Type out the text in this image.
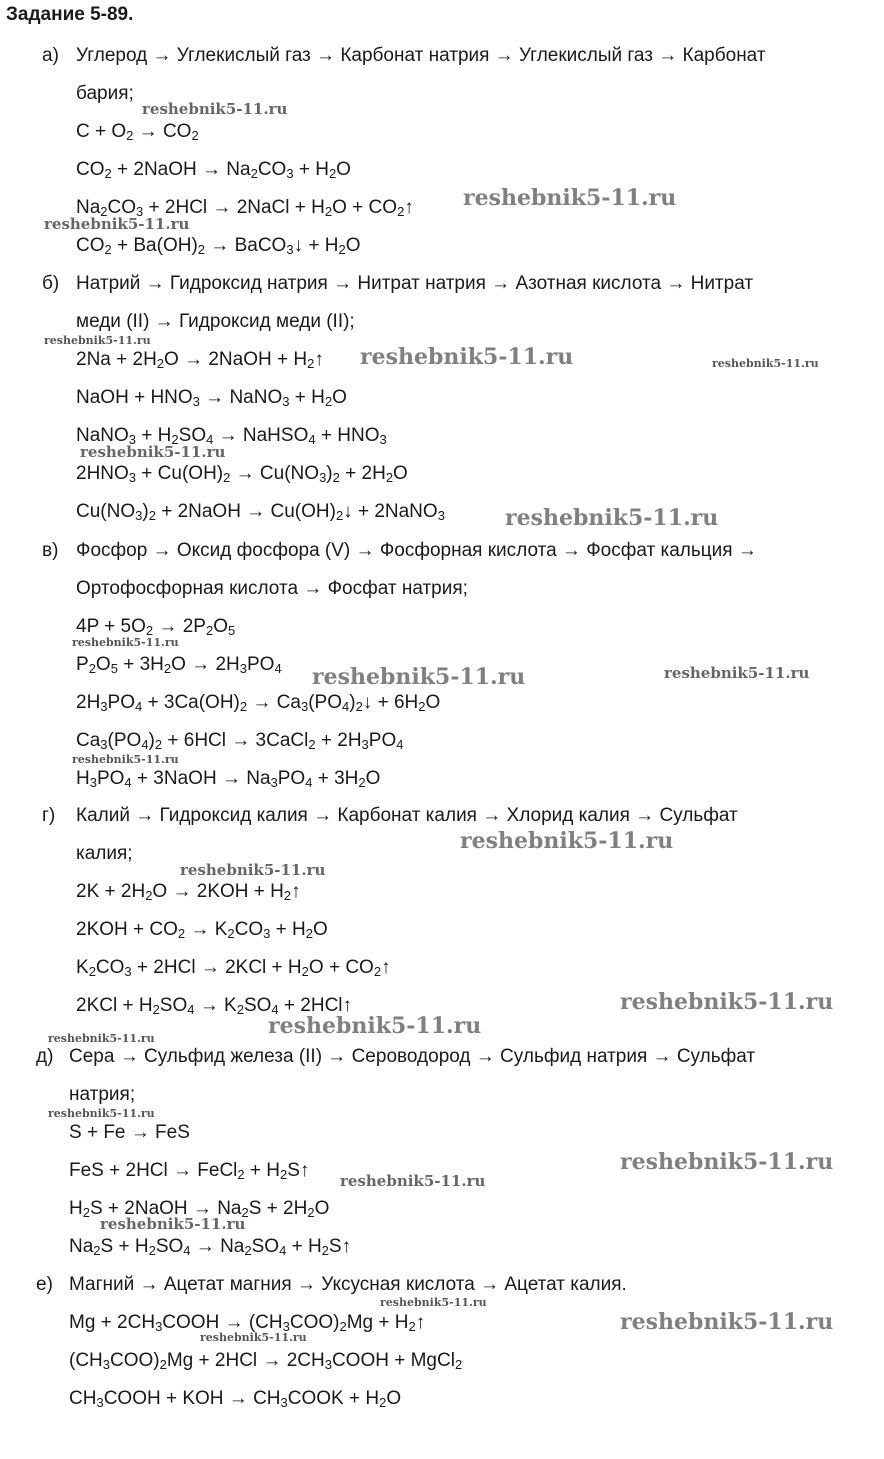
Задание 5-89.
а) Углерод → Углекислый газ → Карбонат натрия → Углекислый газ → Карбонат
бария;
$C + O_2 \to CO_2$
$CO_2$ + 2NaOH → $Na_2CO_3 + H_2O$
$Na_2CO_3 + 2HCl$ → 2NaCl + $H_2O$ + $CO_2↑$
$CO_2 + Ba(OH)_2$ → BaCO$_3$↓ + $H_2O$
б) Натрий → Гидроксид натрия → Нитрат натрия → Азотная кислота → Нитрат
меди (II) → Гидроксид меди (II);
$2Na + 2H_2O$ → 2NaOH + $H_2↑$
NaOH + $HNO_3$ → NaNO$_3$ + $H_2O$
NaNO$_3$ + $H_2SO_4$ → NaHSO$_4$ + $HNO_3$
$2HNO_3 + Cu(OH)_2 \to Cu(NO_3)_2 + 2H_2O$
$Cu(NO_3)_2$ + 2NaOH → $Cu(OH)_2↓$ + 2NaNO$_3$
в) Фосфор → Оксид фосфора (V) → Фосфорная кислота → Фосфат кальция →
Ортофосфорная кислота → Фосфат натрия;
$4P + 5O_2 \to 2P_2O_5$
$P_2O_5 + 3H_2O \to 2H_3PO_4$
$2H_3PO_4 + 3Ca(OH)_2$ → $Ca_3(PO_4)_2↓ + 6H_2O$
$Ca_3(PO_4)_2 + 6HCl$ → 3CaCl$_2$ + $2H_3PO_4$
$H_3PO_4$ + 3NaOH → $Na_3PO_4 + 3H_2O$
г) Калий → Гидроксид калия → Карбонат калия → Хлорид калия → Сульфат
калия;
$2K + 2H_2O \to 2KOH$ + $H_2↑$
$2KOH + CO_2 \to K_2CO_3 + H_2O$
$K_2CO_3 + 2HCl \to 2KCl + H_2O$ + $CO_2↑$
$2KCl + H_2SO_4 \to K_2SO_4$ + 2HCl↑
д) Сера → Сульфид железа (II) → Сероводород → Сульфид натрия → Сульфат
натрия;
S + Fe → FeS
FeS + 2HCl → FeCl$_2$ + $H_2S↑$
$H_2S$ + 2NaOH → $Na_2S + 2H_2O$
$Na_2S + H_2SO_4 \to Na_2SO_4$ + $H_2S↑$
е) Магний → Ацетат магния → Уксусная кислота → Ацетат калия.
$Mg + 2CH_3COOH \to (CH_3COO)_2Mg$ + $H_2↑$
$(CH_3COO)_2Mg + 2HCl$ → $2CH_3COOH$ + MgCl$_2$
$CH_3COOH$ + KOH → $CH_3COOK + H_2O$
reshebnik5-11.ru
reshebnik5-11.ru
reshebnik5-11.ru
reshebnik5-11.ru
reshebnik5-11.ru	reshebnik5-11.ru
reshebnik5-11.ru
reshebnik5-11.ru
reshebnik5-11.ru
reshebnik5-11.ru	reshebnik5-11.ru
reshebnik5-11.ru
reshebnik5-11.ru
reshebnik5-11.ru
reshebnik5-11.ru
reshebnik5-11.ru
reshebnik5-11.ru
reshebnik5-11.ru
reshebnik5-11.ru
reshebnik5-11.ru
reshebnik5-11.ru
reshebnik5-11.ru
reshebnik5-11.ru
reshebnik5-11.ru
